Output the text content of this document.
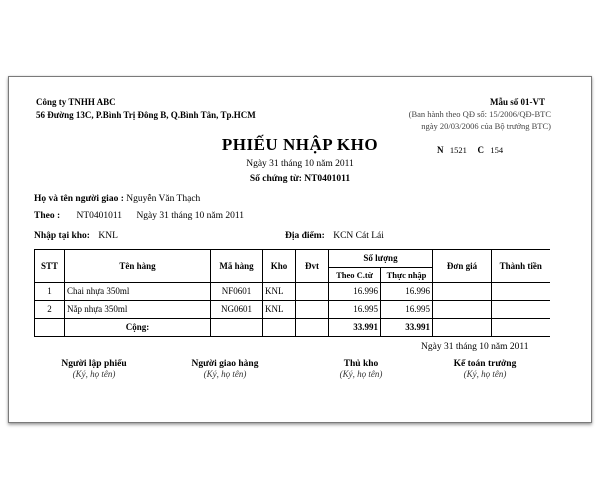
Công ty TNHH ABC
56 Đường 13C, P.Bình Trị Đông B, Q.Bình Tân, Tp.HCM
Mẫu số 01-VT
(Ban hành theo QĐ số: 15/2006/QĐ-BTC
ngày 20/03/2006 của Bộ trưởng BTC)
PHIẾU NHẬP KHO	N 1521 C 154
Ngày 31 tháng 10 năm 2011
Số chứng từ: NT0401011
Họ và tên người giao : Nguyễn Văn Thạch
Theo : NT0401011 Ngày 31 tháng 10 năm 2011
Nhập tại kho: KNL	Địa điểm: KCN Cát Lái
STT	Tên hàng	Mã hàng	Kho	Đvt	Số lượng		Đơn giá	Thành tiền
					Theo C.từ	Thực nhập		
1	Chai nhựa 350ml	NF0601	KNL		16.996	16.996		
2	Nắp nhựa 350ml	NG0601	KNL		16.995	16.995		
	Cộng:				33.991	33.991		
Ngày 31 tháng 10 năm 2011
Người lập phiếu
(Ký, họ tên)
Người giao hàng
(Ký, họ tên)
Thủ kho
(Ký, họ tên)
Kế toán trưởng
(Ký, họ tên)
